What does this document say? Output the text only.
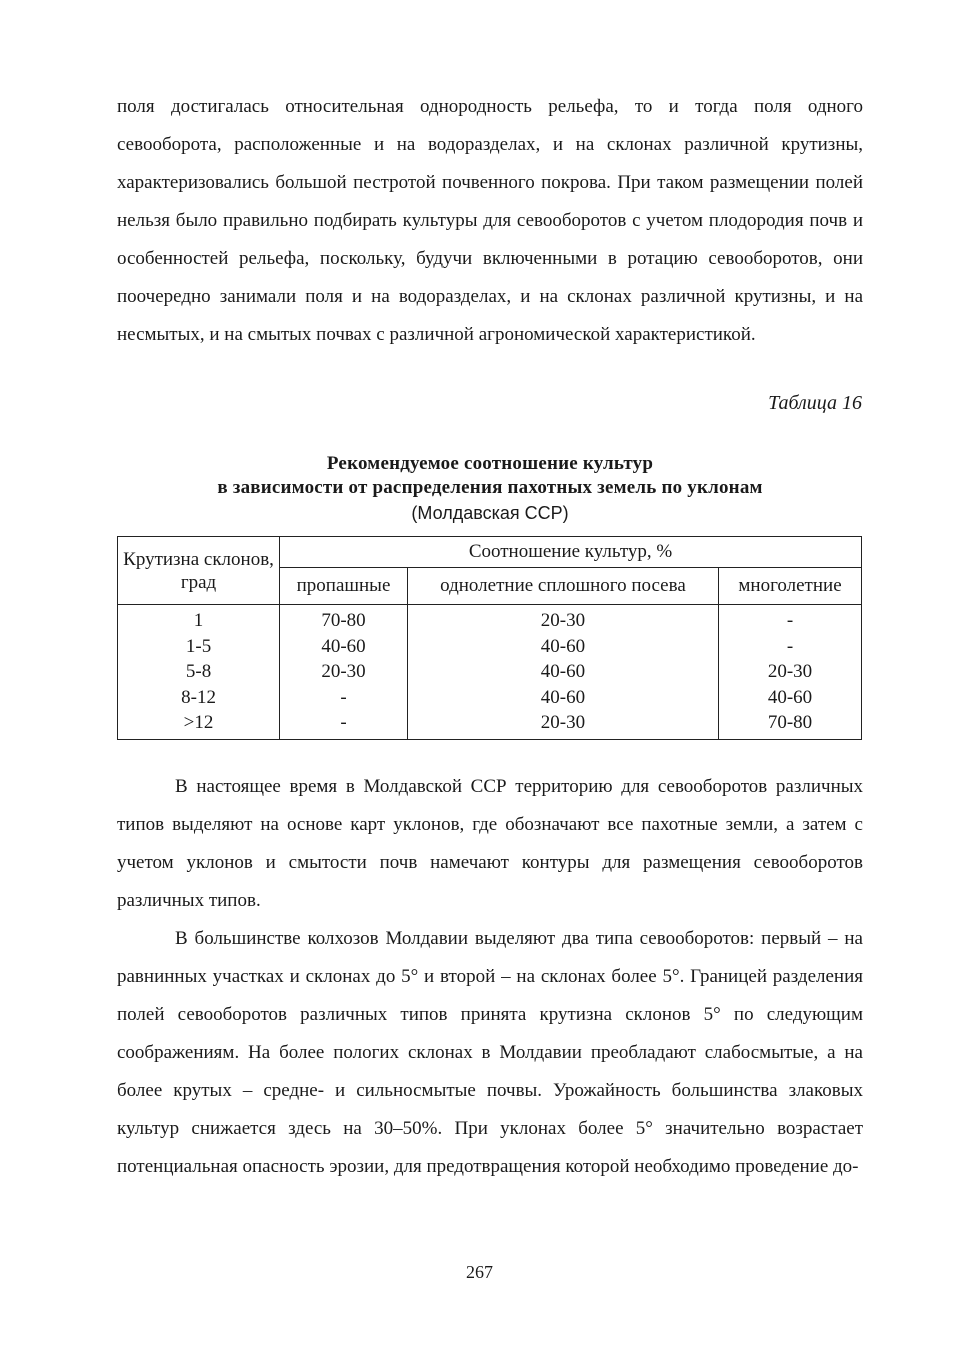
поля достигалась относительная однородность рельефа, то и тогда поля одного севооборота, расположенные и на водоразделах, и на склонах различной крутизны, характеризовались большой пестротой почвенного покрова. При таком размещении полей нельзя было правильно подбирать культуры для севооборотов с учетом плодородия почв и особенностей рельефа, поскольку, будучи включенными в ротацию севооборотов, они поочередно занимали поля и на водоразделах, и на склонах различной крутизны, и на несмытых, и на смытых почвах с различной агрономической характеристикой.

Таблица 16

Рекомендуемое соотношение культур
в зависимости от распределения пахотных земель по уклонам
(Молдавская ССР)
Крутизна склонов, град	Соотношение культур, %		
	пропашные	однолетние сплошного посева	многолетние
1	70-80	20-30	-
1-5	40-60	40-60	-
5-8	20-30	40-60	20-30
8-12	-	40-60	40-60
>12	-	20-30	70-80

В настоящее время в Молдавской ССР территорию для севооборотов различных типов выделяют на основе карт уклонов, где обозначают все пахотные земли, а затем с учетом уклонов и смытости почв намечают контуры для размещения севооборотов различных типов.

В большинстве колхозов Молдавии выделяют два типа севооборотов: первый – на равнинных участках и склонах до 5° и второй – на склонах более 5°. Границей разделения полей севооборотов различных типов принята крутизна склонов 5° по следующим соображениям. На более пологих склонах в Молдавии преобладают слабосмытые, а на более крутых – средне- и сильносмытые почвы. Урожайность большинства злаковых культур снижается здесь на 30–50%. При уклонах более 5° значительно возрастает потенциальная опасность эрозии, для предотвращения которой необходимо проведение до-

267
